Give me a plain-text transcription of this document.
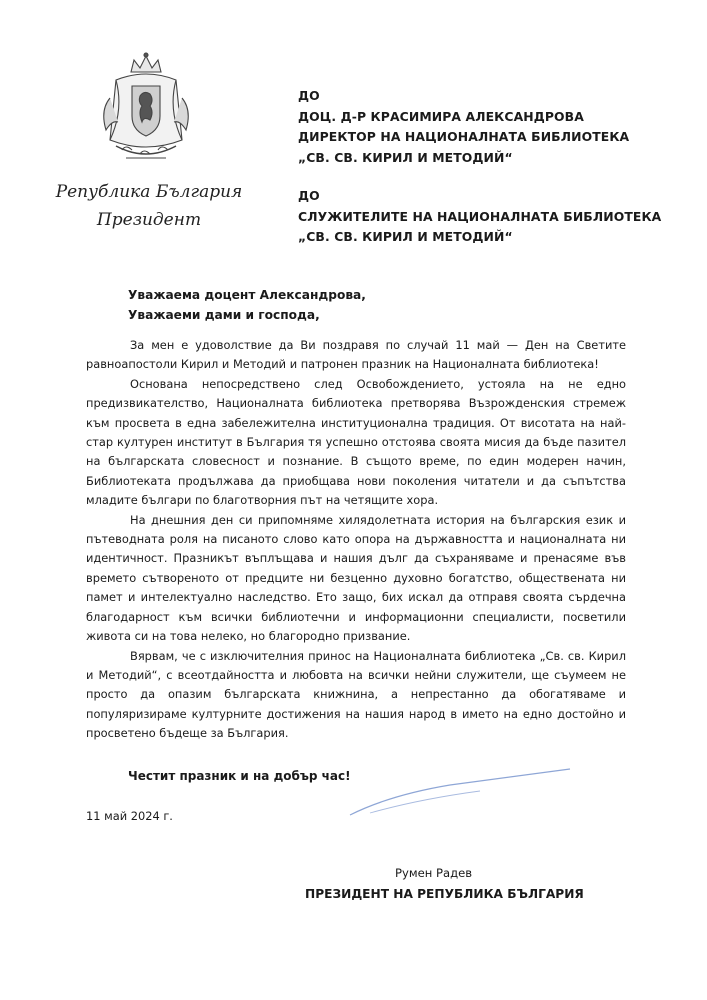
Република България
Президент
ДО
ДОЦ. Д-Р КРАСИМИРА АЛЕКСАНДРОВА
ДИРЕКТОР НА НАЦИОНАЛНАТА БИБЛИОТЕКА
„СВ. СВ. КИРИЛ И МЕТОДИЙ“
ДО
СЛУЖИТЕЛИТЕ НА НАЦИОНАЛНАТА БИБЛИОТЕКА
„СВ. СВ. КИРИЛ И МЕТОДИЙ“
Уважаема доцент Александрова,
Уважаеми дами и господа,

За мен е удоволствие да Ви поздравя по случай 11 май — Ден на Светите равноапостоли Кирил и Методий и патронен празник на Националната библиотека!

Основана непосредствено след Освобождението, устояла на не едно предизвикателство, Националната библиотека претворява Възрожденския стремеж към просвета в една забележителна институционална традиция. От висотата на най-стар културен институт в България тя успешно отстоява своята мисия да бъде пазител на българската словесност и познание. В същото време, по един модерен начин, Библиотеката продължава да приобщава нови поколения читатели и да съпътства младите българи по благотворния път на четящите хора.

На днешния ден си припомняме хилядолетната история на българския език и пътеводната роля на писаното слово като опора на държавността и националната ни идентичност. Празникът въплъщава и нашия дълг да съхраняваме и пренасяме във времето сътвореното от предците ни безценно духовно богатство, обществената ни памет и интелектуално наследство. Ето защо, бих искал да отправя своята сърдечна благодарност към всички библиотечни и информационни специалисти, посветили живота си на това нелеко, но благородно призвание.

Вярвам, че с изключителния принос на Националната библиотека „Св. св. Кирил и Методий“, с всеотдайността и любовта на всички нейни служители, ще съумеем не просто да опазим българската книжнина, а непрестанно да обогатяваме и популяризираме културните достижения на нашия народ в името на едно достойно и просветено бъдеще за България.

Честит празник и на добър час!
11 май 2024 г.
Румен Радев
ПРЕЗИДЕНТ НА РЕПУБЛИКА БЪЛГАРИЯ
